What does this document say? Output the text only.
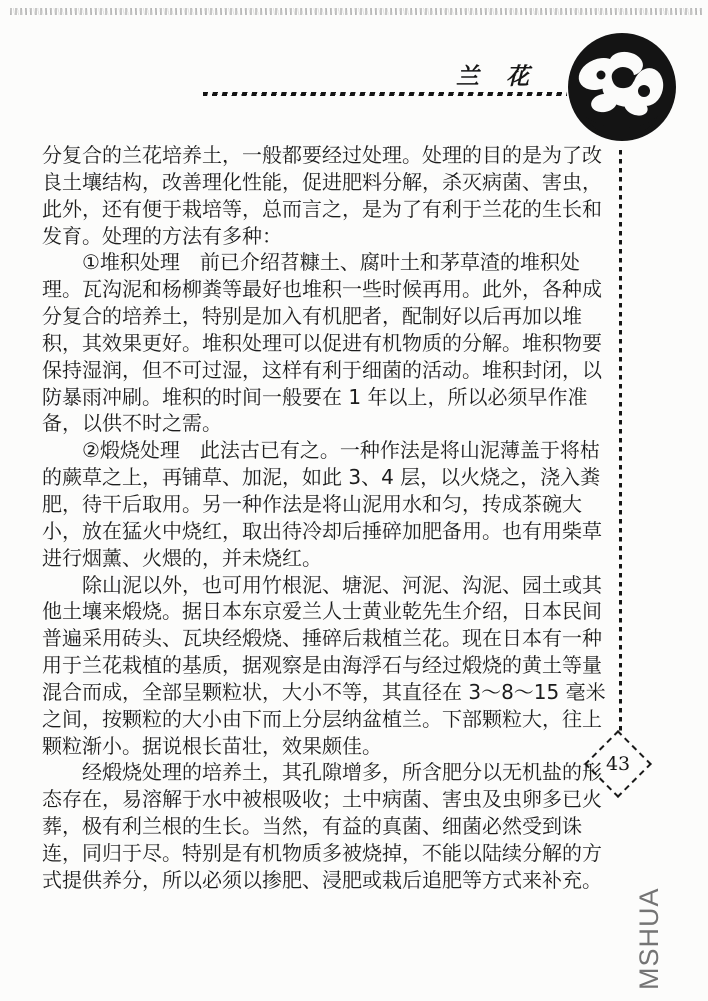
兰　花
43
分复合的兰花培养土，一般都要经过处理。处理的目的是为了改
良土壤结构，改善理化性能，促进肥料分解，杀灭病菌、害虫，
此外，还有便于栽培等，总而言之，是为了有利于兰花的生长和
发育。处理的方法有多种：
　　①堆积处理　前已介绍苕糠土、腐叶土和茅草渣的堆积处
理。瓦沟泥和杨柳粪等最好也堆积一些时候再用。此外，各种成
分复合的培养土，特别是加入有机肥者，配制好以后再加以堆
积，其效果更好。堆积处理可以促进有机物质的分解。堆积物要
保持湿润，但不可过湿，这样有利于细菌的活动。堆积封闭，以
防暴雨冲刷。堆积的时间一般要在 1 年以上，所以必须早作准
备，以供不时之需。
　　②煅烧处理　此法古已有之。一种作法是将山泥薄盖于将枯
的蕨草之上，再铺草、加泥，如此 3、4 层，以火烧之，浇入粪
肥，待干后取用。另一种作法是将山泥用水和匀，抟成茶碗大
小，放在猛火中烧红，取出待冷却后捶碎加肥备用。也有用柴草
进行烟薰、火煨的，并未烧红。
　　除山泥以外，也可用竹根泥、塘泥、河泥、沟泥、园土或其
他土壤来煅烧。据日本东京爱兰人士黄业乾先生介绍，日本民间
普遍采用砖头、瓦块经煅烧、捶碎后栽植兰花。现在日本有一种
用于兰花栽植的基质，据观察是由海浮石与经过煅烧的黄土等量
混合而成，全部呈颗粒状，大小不等，其直径在 3～8～15 毫米
之间，按颗粒的大小由下而上分层纳盆植兰。下部颗粒大，往上
颗粒渐小。据说根长苗壮，效果颇佳。
　　经煅烧处理的培养土，其孔隙增多，所含肥分以无机盐的形
态存在，易溶解于水中被根吸收；土中病菌、害虫及虫卵多已火
葬，极有利兰根的生长。当然，有益的真菌、细菌必然受到诛
连，同归于尽。特别是有机物质多被烧掉，不能以陆续分解的方
式提供养分，所以必须以掺肥、浸肥或栽后追肥等方式来补充。
MSHUA
